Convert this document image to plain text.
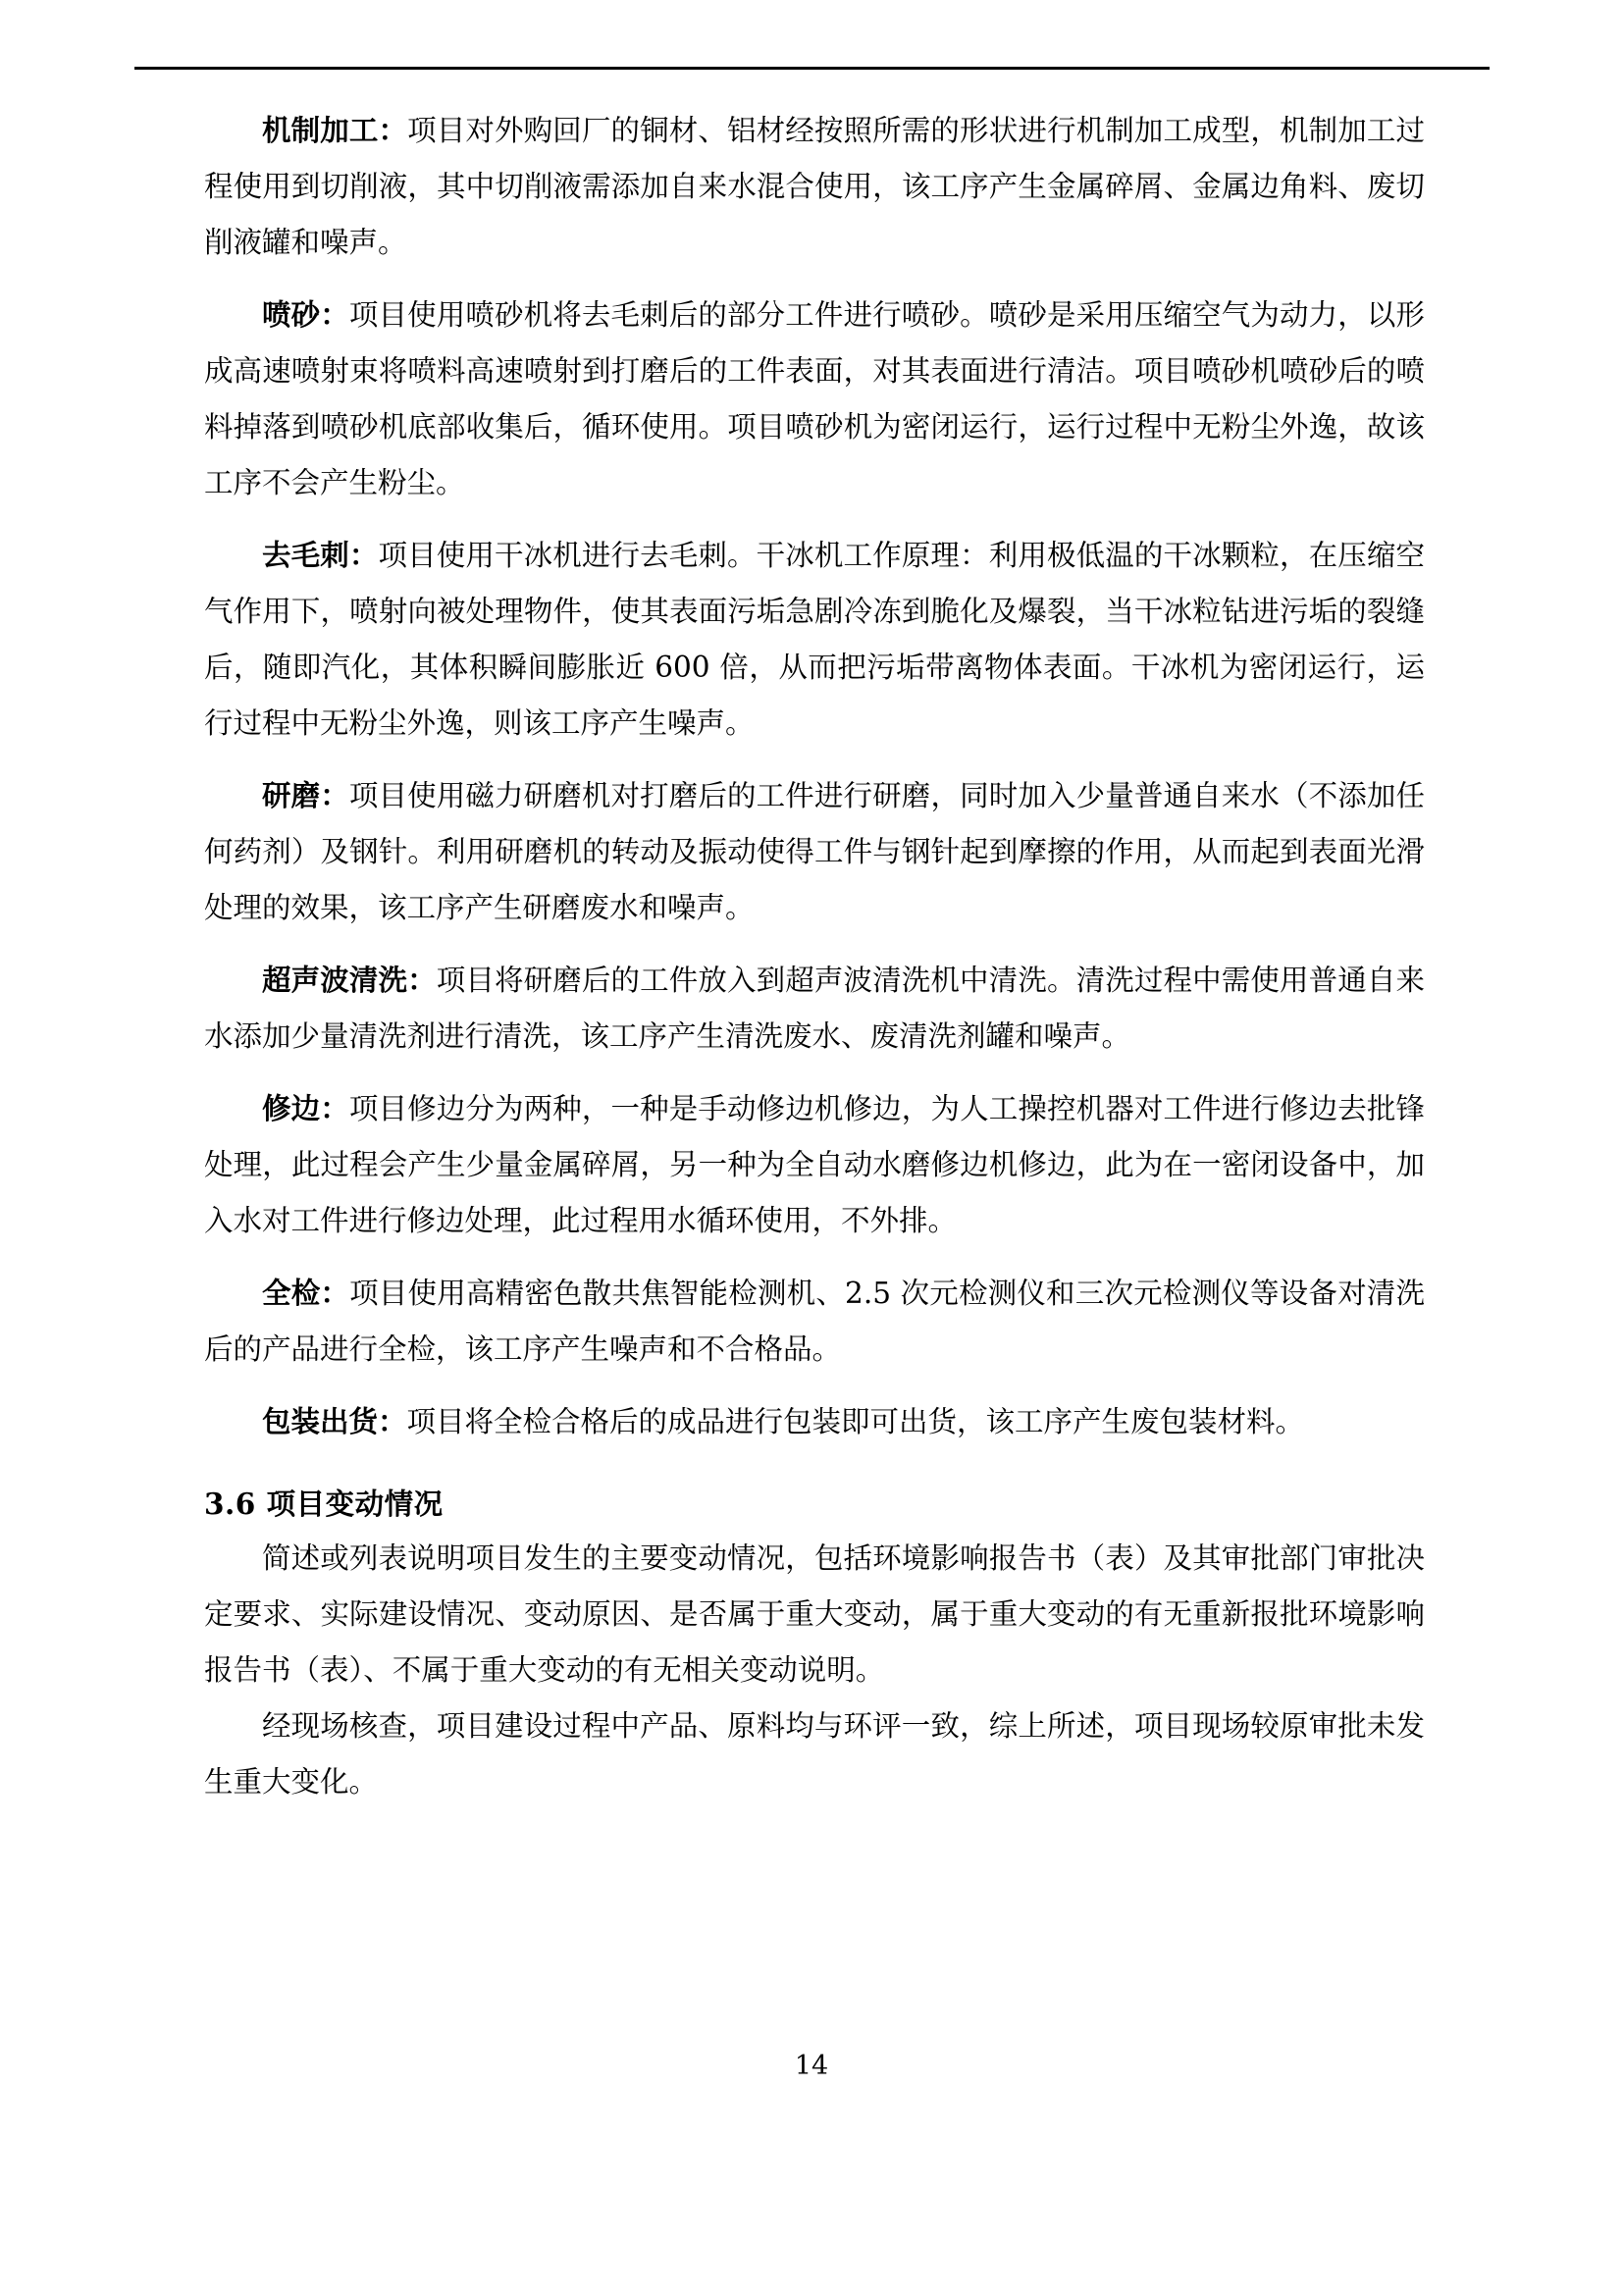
机制加工：项目对外购回厂的铜材、铝材经按照所需的形状进行机制加工成型，机制加工过程使用到切削液，其中切削液需添加自来水混合使用，该工序产生金属碎屑、金属边角料、废切削液罐和噪声。

喷砂：项目使用喷砂机将去毛刺后的部分工件进行喷砂。喷砂是采用压缩空气为动力，以形成高速喷射束将喷料高速喷射到打磨后的工件表面，对其表面进行清洁。项目喷砂机喷砂后的喷料掉落到喷砂机底部收集后，循环使用。项目喷砂机为密闭运行，运行过程中无粉尘外逸，故该工序不会产生粉尘。

去毛刺：项目使用干冰机进行去毛刺。干冰机工作原理：利用极低温的干冰颗粒，在压缩空气作用下，喷射向被处理物件，使其表面污垢急剧冷冻到脆化及爆裂，当干冰粒钻进污垢的裂缝后，随即汽化，其体积瞬间膨胀近 600 倍，从而把污垢带离物体表面。干冰机为密闭运行，运行过程中无粉尘外逸，则该工序产生噪声。

研磨：项目使用磁力研磨机对打磨后的工件进行研磨，同时加入少量普通自来水（不添加任何药剂）及钢针。利用研磨机的转动及振动使得工件与钢针起到摩擦的作用，从而起到表面光滑处理的效果，该工序产生研磨废水和噪声。

超声波清洗：项目将研磨后的工件放入到超声波清洗机中清洗。清洗过程中需使用普通自来水添加少量清洗剂进行清洗，该工序产生清洗废水、废清洗剂罐和噪声。

修边：项目修边分为两种，一种是手动修边机修边，为人工操控机器对工件进行修边去批锋处理，此过程会产生少量金属碎屑，另一种为全自动水磨修边机修边，此为在一密闭设备中，加入水对工件进行修边处理，此过程用水循环使用，不外排。

全检：项目使用高精密色散共焦智能检测机、2.5 次元检测仪和三次元检测仪等设备对清洗后的产品进行全检，该工序产生噪声和不合格品。

包装出货：项目将全检合格后的成品进行包装即可出货，该工序产生废包装材料。

3.6 项目变动情况

简述或列表说明项目发生的主要变动情况，包括环境影响报告书（表）及其审批部门审批决定要求、实际建设情况、变动原因、是否属于重大变动，属于重大变动的有无重新报批环境影响报告书（表）、不属于重大变动的有无相关变动说明。

经现场核查，项目建设过程中产品、原料均与环评一致，综上所述，项目现场较原审批未发生重大变化。

14
